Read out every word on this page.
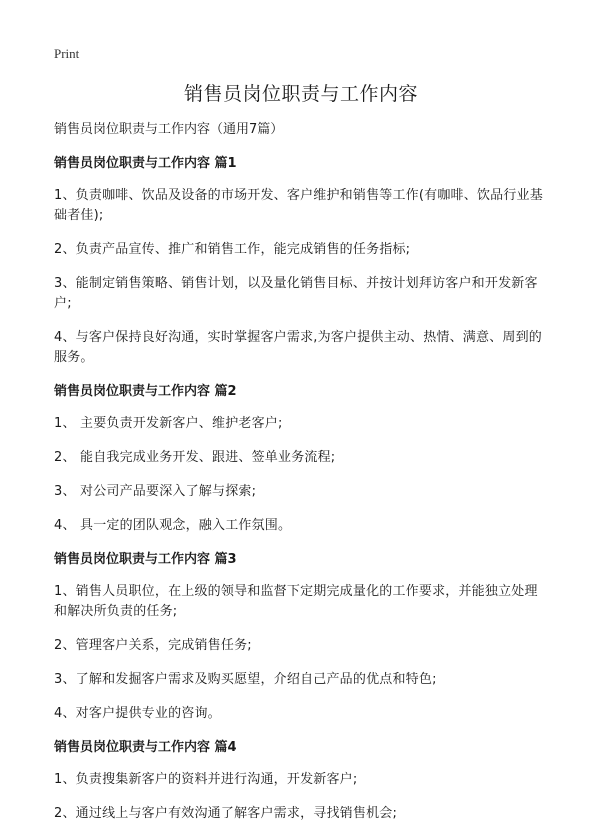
Print
销售员岗位职责与工作内容

销售员岗位职责与工作内容（通用7篇）

销售员岗位职责与工作内容 篇1

1、负责咖啡、饮品及设备的市场开发、客户维护和销售等工作(有咖啡、饮品行业基础者佳);

2、负责产品宣传、推广和销售工作，能完成销售的任务指标;

3、能制定销售策略、销售计划，以及量化销售目标、并按计划拜访客户和开发新客户;

4、与客户保持良好沟通，实时掌握客户需求,为客户提供主动、热情、满意、周到的服务。

销售员岗位职责与工作内容 篇2

1、 主要负责开发新客户、维护老客户;

2、 能自我完成业务开发、跟进、签单业务流程;

3、 对公司产品要深入了解与探索;

4、 具一定的团队观念，融入工作氛围。

销售员岗位职责与工作内容 篇3

1、销售人员职位，在上级的领导和监督下定期完成量化的工作要求，并能独立处理和解决所负责的任务;

2、管理客户关系，完成销售任务;

3、了解和发掘客户需求及购买愿望，介绍自己产品的优点和特色;

4、对客户提供专业的咨询。

销售员岗位职责与工作内容 篇4

1、负责搜集新客户的资料并进行沟通，开发新客户;

2、通过线上与客户有效沟通了解客户需求，寻找销售机会;
